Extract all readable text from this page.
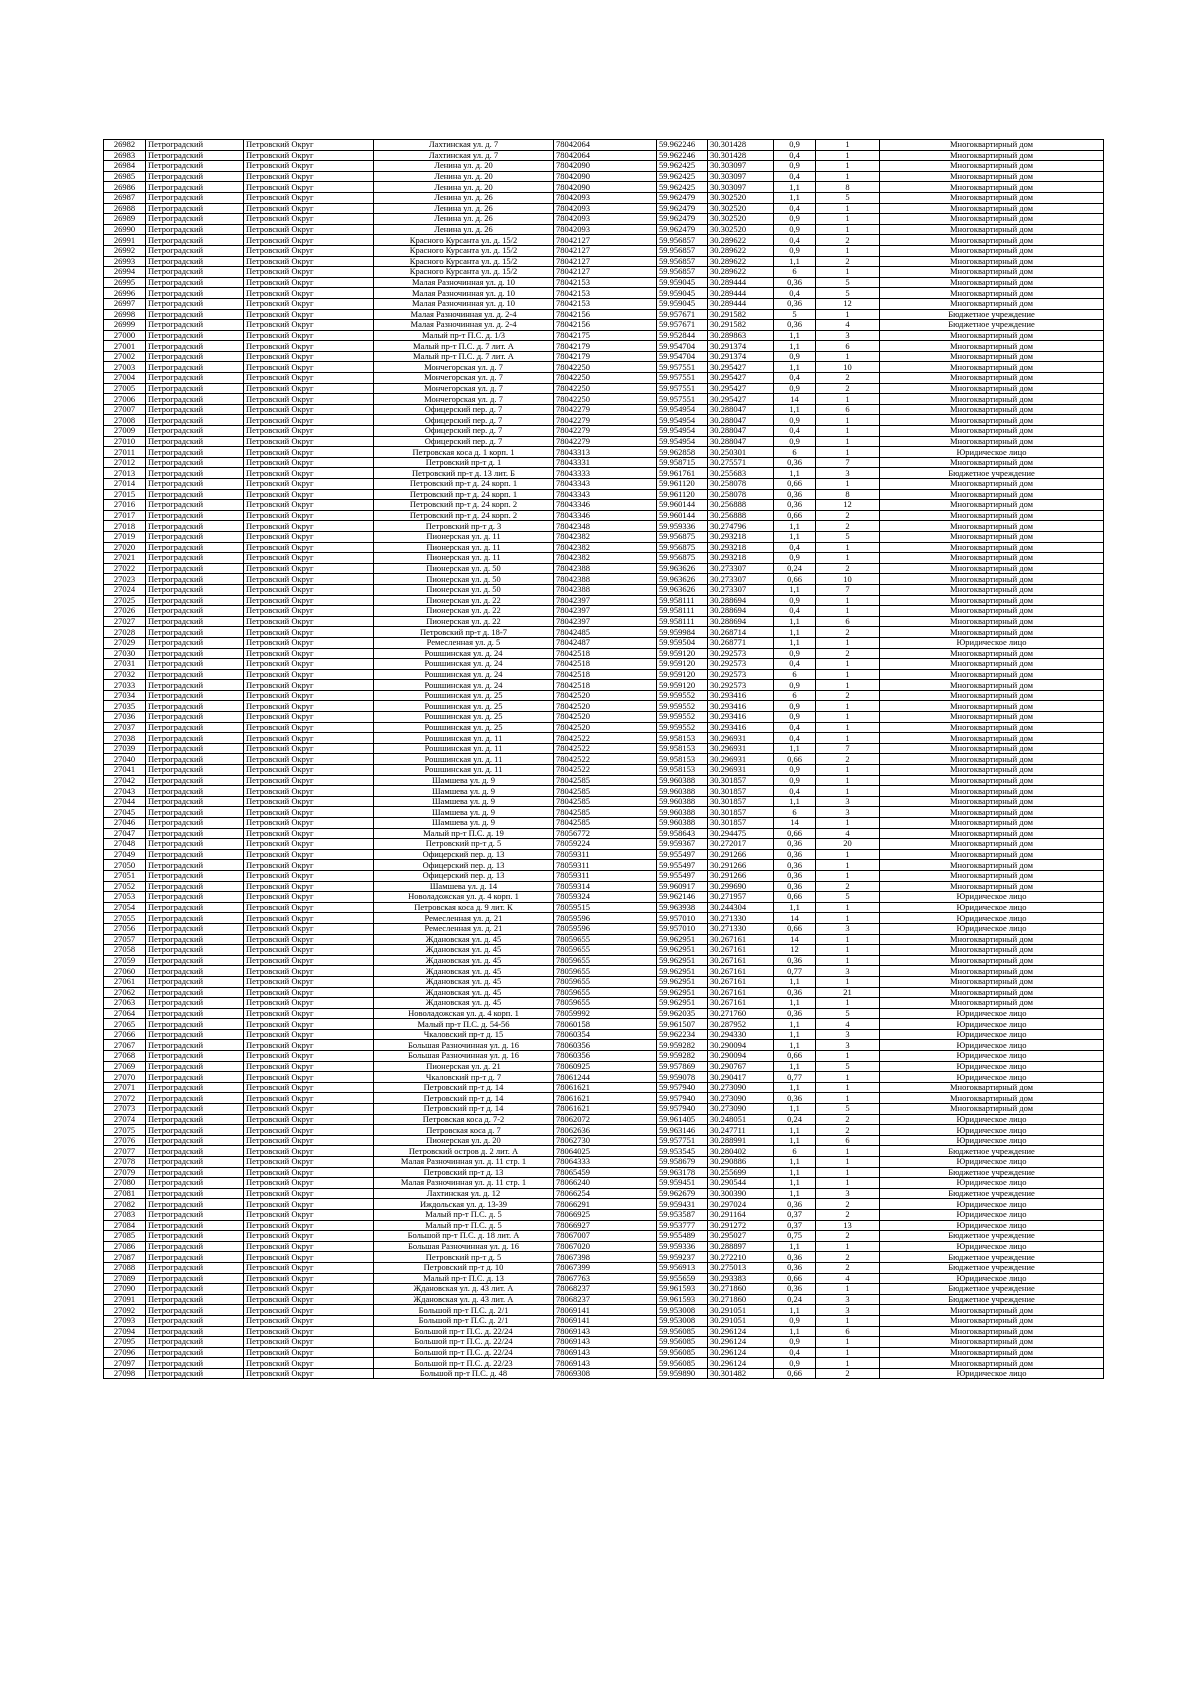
26982	Петроградский	Петровский Округ	Лахтинская ул. д. 7	78042064	59.962246	30.301428	0,9	1	Многоквартирный дом
26983	Петроградский	Петровский Округ	Лахтинская ул. д. 7	78042064	59.962246	30.301428	0,4	1	Многоквартирный дом
26984	Петроградский	Петровский Округ	Ленина ул. д. 20	78042090	59.962425	30.303097	0,9	1	Многоквартирный дом
26985	Петроградский	Петровский Округ	Ленина ул. д. 20	78042090	59.962425	30.303097	0,4	1	Многоквартирный дом
26986	Петроградский	Петровский Округ	Ленина ул. д. 20	78042090	59.962425	30.303097	1,1	8	Многоквартирный дом
26987	Петроградский	Петровский Округ	Ленина ул. д. 26	78042093	59.962479	30.302520	1,1	5	Многоквартирный дом
26988	Петроградский	Петровский Округ	Ленина ул. д. 26	78042093	59.962479	30.302520	0,4	1	Многоквартирный дом
26989	Петроградский	Петровский Округ	Ленина ул. д. 26	78042093	59.962479	30.302520	0,9	1	Многоквартирный дом
26990	Петроградский	Петровский Округ	Ленина ул. д. 26	78042093	59.962479	30.302520	0,9	1	Многоквартирный дом
26991	Петроградский	Петровский Округ	Красного Курсанта ул. д. 15/2	78042127	59.956857	30.289622	0,4	2	Многоквартирный дом
26992	Петроградский	Петровский Округ	Красного Курсанта ул. д. 15/2	78042127	59.956857	30.289622	0,9	1	Многоквартирный дом
26993	Петроградский	Петровский Округ	Красного Курсанта ул. д. 15/2	78042127	59.956857	30.289622	1,1	2	Многоквартирный дом
26994	Петроградский	Петровский Округ	Красного Курсанта ул. д. 15/2	78042127	59.956857	30.289622	6	1	Многоквартирный дом
26995	Петроградский	Петровский Округ	Малая Разночинная ул. д. 10	78042153	59.959045	30.289444	0,36	5	Многоквартирный дом
26996	Петроградский	Петровский Округ	Малая Разночинная ул. д. 10	78042153	59.959045	30.289444	0,4	5	Многоквартирный дом
26997	Петроградский	Петровский Округ	Малая Разночинная ул. д. 10	78042153	59.959045	30.289444	0,36	12	Многоквартирный дом
26998	Петроградский	Петровский Округ	Малая Разночинная ул. д. 2-4	78042156	59.957671	30.291582	5	1	Бюджетное учреждение
26999	Петроградский	Петровский Округ	Малая Разночинная ул. д. 2-4	78042156	59.957671	30.291582	0,36	4	Бюджетное учреждение
27000	Петроградский	Петровский Округ	Малый пр-т П.С. д. 1/3	78042175	59.952844	30.289863	1,1	3	Многоквартирный дом
27001	Петроградский	Петровский Округ	Малый пр-т П.С. д. 7 лит. А	78042179	59.954704	30.291374	1,1	6	Многоквартирный дом
27002	Петроградский	Петровский Округ	Малый пр-т П.С. д. 7 лит. А	78042179	59.954704	30.291374	0,9	1	Многоквартирный дом
27003	Петроградский	Петровский Округ	Мончегорская ул. д. 7	78042250	59.957551	30.295427	1,1	10	Многоквартирный дом
27004	Петроградский	Петровский Округ	Мончегорская ул. д. 7	78042250	59.957551	30.295427	0,4	2	Многоквартирный дом
27005	Петроградский	Петровский Округ	Мончегорская ул. д. 7	78042250	59.957551	30.295427	0,9	2	Многоквартирный дом
27006	Петроградский	Петровский Округ	Мончегорская ул. д. 7	78042250	59.957551	30.295427	14	1	Многоквартирный дом
27007	Петроградский	Петровский Округ	Офицерский пер. д. 7	78042279	59.954954	30.288047	1,1	6	Многоквартирный дом
27008	Петроградский	Петровский Округ	Офицерский пер. д. 7	78042279	59.954954	30.288047	0,9	1	Многоквартирный дом
27009	Петроградский	Петровский Округ	Офицерский пер. д. 7	78042279	59.954954	30.288047	0,4	1	Многоквартирный дом
27010	Петроградский	Петровский Округ	Офицерский пер. д. 7	78042279	59.954954	30.288047	0,9	1	Многоквартирный дом
27011	Петроградский	Петровский Округ	Петровская коса д. 1 корп. 1	78043313	59.962858	30.250301	6	1	Юридическое лицо
27012	Петроградский	Петровский Округ	Петровский пр-т д. 1	78043331	59.958715	30.275571	0,36	7	Многоквартирный дом
27013	Петроградский	Петровский Округ	Петровский пр-т д. 13 лит. Б	78043333	59.961761	30.255683	1,1	3	Бюджетное учреждение
27014	Петроградский	Петровский Округ	Петровский пр-т д. 24 корп. 1	78043343	59.961120	30.258078	0,66	1	Многоквартирный дом
27015	Петроградский	Петровский Округ	Петровский пр-т д. 24 корп. 1	78043343	59.961120	30.258078	0,36	8	Многоквартирный дом
27016	Петроградский	Петровский Округ	Петровский пр-т д. 24 корп. 2	78043346	59.960144	30.256888	0,36	12	Многоквартирный дом
27017	Петроградский	Петровский Округ	Петровский пр-т д. 24 корп. 2	78043346	59.960144	30.256888	0,66	2	Многоквартирный дом
27018	Петроградский	Петровский Округ	Петровский пр-т д. 3	78042348	59.959336	30.274796	1,1	2	Многоквартирный дом
27019	Петроградский	Петровский Округ	Пионерская ул. д. 11	78042382	59.956875	30.293218	1,1	5	Многоквартирный дом
27020	Петроградский	Петровский Округ	Пионерская ул. д. 11	78042382	59.956875	30.293218	0,4	1	Многоквартирный дом
27021	Петроградский	Петровский Округ	Пионерская ул. д. 11	78042382	59.956875	30.293218	0,9	1	Многоквартирный дом
27022	Петроградский	Петровский Округ	Пионерская ул. д. 50	78042388	59.963626	30.273307	0,24	2	Многоквартирный дом
27023	Петроградский	Петровский Округ	Пионерская ул. д. 50	78042388	59.963626	30.273307	0,66	10	Многоквартирный дом
27024	Петроградский	Петровский Округ	Пионерская ул. д. 50	78042388	59.963626	30.273307	1,1	7	Многоквартирный дом
27025	Петроградский	Петровский Округ	Пионерская ул. д. 22	78042397	59.958111	30.288694	0,9	1	Многоквартирный дом
27026	Петроградский	Петровский Округ	Пионерская ул. д. 22	78042397	59.958111	30.288694	0,4	1	Многоквартирный дом
27027	Петроградский	Петровский Округ	Пионерская ул. д. 22	78042397	59.958111	30.288694	1,1	6	Многоквартирный дом
27028	Петроградский	Петровский Округ	Петровский пр-т д. 18-7	78042485	59.959984	30.268714	1,1	2	Многоквартирный дом
27029	Петроградский	Петровский Округ	Ремесленная ул. д. 5	78042487	59.959504	30.268771	1,1	1	Юридическое лицо
27030	Петроградский	Петровский Округ	Рошшинская ул. д. 24	78042518	59.959120	30.292573	0,9	2	Многоквартирный дом
27031	Петроградский	Петровский Округ	Рошшинская ул. д. 24	78042518	59.959120	30.292573	0,4	1	Многоквартирный дом
27032	Петроградский	Петровский Округ	Рошшинская ул. д. 24	78042518	59.959120	30.292573	6	1	Многоквартирный дом
27033	Петроградский	Петровский Округ	Рошшинская ул. д. 24	78042518	59.959120	30.292573	0,9	1	Многоквартирный дом
27034	Петроградский	Петровский Округ	Рошшинская ул. д. 25	78042520	59.959552	30.293416	6	2	Многоквартирный дом
27035	Петроградский	Петровский Округ	Рошшинская ул. д. 25	78042520	59.959552	30.293416	0,9	1	Многоквартирный дом
27036	Петроградский	Петровский Округ	Рошшинская ул. д. 25	78042520	59.959552	30.293416	0,9	1	Многоквартирный дом
27037	Петроградский	Петровский Округ	Рошшинская ул. д. 25	78042520	59.959552	30.293416	0,4	1	Многоквартирный дом
27038	Петроградский	Петровский Округ	Рошшинская ул. д. 11	78042522	59.958153	30.296931	0,4	1	Многоквартирный дом
27039	Петроградский	Петровский Округ	Рошшинская ул. д. 11	78042522	59.958153	30.296931	1,1	7	Многоквартирный дом
27040	Петроградский	Петровский Округ	Рошшинская ул. д. 11	78042522	59.958153	30.296931	0,66	2	Многоквартирный дом
27041	Петроградский	Петровский Округ	Рошшинская ул. д. 11	78042522	59.958153	30.296931	0,9	1	Многоквартирный дом
27042	Петроградский	Петровский Округ	Шамшева ул. д. 9	78042585	59.960388	30.301857	0,9	1	Многоквартирный дом
27043	Петроградский	Петровский Округ	Шамшева ул. д. 9	78042585	59.960388	30.301857	0,4	1	Многоквартирный дом
27044	Петроградский	Петровский Округ	Шамшева ул. д. 9	78042585	59.960388	30.301857	1,1	3	Многоквартирный дом
27045	Петроградский	Петровский Округ	Шамшева ул. д. 9	78042585	59.960388	30.301857	6	3	Многоквартирный дом
27046	Петроградский	Петровский Округ	Шамшева ул. д. 9	78042585	59.960388	30.301857	14	1	Многоквартирный дом
27047	Петроградский	Петровский Округ	Малый пр-т П.С. д. 19	78056772	59.958643	30.294475	0,66	4	Многоквартирный дом
27048	Петроградский	Петровский Округ	Петровский пр-т д. 5	78059224	59.959367	30.272017	0,36	20	Многоквартирный дом
27049	Петроградский	Петровский Округ	Офицерский пер. д. 13	78059311	59.955497	30.291266	0,36	1	Многоквартирный дом
27050	Петроградский	Петровский Округ	Офицерский пер. д. 13	78059311	59.955497	30.291266	0,36	1	Многоквартирный дом
27051	Петроградский	Петровский Округ	Офицерский пер. д. 13	78059311	59.955497	30.291266	0,36	1	Многоквартирный дом
27052	Петроградский	Петровский Округ	Шамшева ул. д. 14	78059314	59.960917	30.299690	0,36	2	Многоквартирный дом
27053	Петроградский	Петровский Округ	Новоладожская ул. д. 4 корп. 1	78059324	59.962146	30.271957	0,66	5	Юридическое лицо
27054	Петроградский	Петровский Округ	Петровская коса д. 9 лит. К	78059515	59.963938	30.244304	1,1	1	Юридическое лицо
27055	Петроградский	Петровский Округ	Ремесленная ул. д. 21	78059596	59.957010	30.271330	14	1	Юридическое лицо
27056	Петроградский	Петровский Округ	Ремесленная ул. д. 21	78059596	59.957010	30.271330	0,66	3	Юридическое лицо
27057	Петроградский	Петровский Округ	Ждановская ул. д. 45	78059655	59.962951	30.267161	14	1	Многоквартирный дом
27058	Петроградский	Петровский Округ	Ждановская ул. д. 45	78059655	59.962951	30.267161	12	1	Многоквартирный дом
27059	Петроградский	Петровский Округ	Ждановская ул. д. 45	78059655	59.962951	30.267161	0,36	1	Многоквартирный дом
27060	Петроградский	Петровский Округ	Ждановская ул. д. 45	78059655	59.962951	30.267161	0,77	3	Многоквартирный дом
27061	Петроградский	Петровский Округ	Ждановская ул. д. 45	78059655	59.962951	30.267161	1,1	1	Многоквартирный дом
27062	Петроградский	Петровский Округ	Ждановская ул. д. 45	78059655	59.962951	30.267161	0,36	21	Многоквартирный дом
27063	Петроградский	Петровский Округ	Ждановская ул. д. 45	78059655	59.962951	30.267161	1,1	1	Многоквартирный дом
27064	Петроградский	Петровский Округ	Новоладожская ул. д. 4 корп. 1	78059992	59.962035	30.271760	0,36	5	Юридическое лицо
27065	Петроградский	Петровский Округ	Малый пр-т П.С. д. 54-56	78060158	59.961507	30.287952	1,1	4	Юридическое лицо
27066	Петроградский	Петровский Округ	Чкаловский пр-т д. 15	78060354	59.962234	30.294330	1,1	3	Юридическое лицо
27067	Петроградский	Петровский Округ	Большая Разночинная ул. д. 16	78060356	59.959282	30.290094	1,1	3	Юридическое лицо
27068	Петроградский	Петровский Округ	Большая Разночинная ул. д. 16	78060356	59.959282	30.290094	0,66	1	Юридическое лицо
27069	Петроградский	Петровский Округ	Пионерская ул. д. 21	78060925	59.957869	30.290767	1,1	5	Юридическое лицо
27070	Петроградский	Петровский Округ	Чкаловский пр-т д. 7	78061244	59.959078	30.290417	0,77	1	Юридическое лицо
27071	Петроградский	Петровский Округ	Петровский пр-т д. 14	78061621	59.957940	30.273090	1,1	1	Многоквартирный дом
27072	Петроградский	Петровский Округ	Петровский пр-т д. 14	78061621	59.957940	30.273090	0,36	1	Многоквартирный дом
27073	Петроградский	Петровский Округ	Петровский пр-т д. 14	78061621	59.957940	30.273090	1,1	5	Многоквартирный дом
27074	Петроградский	Петровский Округ	Петровская коса д. 7-2	78062072	59.961405	30.248051	0,24	2	Юридическое лицо
27075	Петроградский	Петровский Округ	Петровская коса д. 7	78062636	59.963146	30.247711	1,1	2	Юридическое лицо
27076	Петроградский	Петровский Округ	Пионерская ул. д. 20	78062730	59.957751	30.288991	1,1	6	Юридическое лицо
27077	Петроградский	Петровский Округ	Петровский остров д. 2 лит. А	78064025	59.953545	30.280402	6	1	Бюджетное учреждение
27078	Петроградский	Петровский Округ	Малая Разночинная ул. д. 11 стр. 1	78064333	59.958679	30.290886	1,1	1	Юридическое лицо
27079	Петроградский	Петровский Округ	Петровский пр-т д. 13	78065459	59.963178	30.255699	1,1	1	Бюджетное учреждение
27080	Петроградский	Петровский Округ	Малая Разночинная ул. д. 11 стр. 1	78066240	59.959451	30.290544	1,1	1	Юридическое лицо
27081	Петроградский	Петровский Округ	Лахтинская ул. д. 12	78066254	59.962679	30.300390	1,1	3	Бюджетное учреждение
27082	Петроградский	Петровский Округ	Иждольская ул. д. 13-39	78066291	59.959431	30.297024	0,36	2	Юридическое лицо
27083	Петроградский	Петровский Округ	Малый пр-т П.С. д. 5	78066925	59.953587	30.291164	0,37	2	Юридическое лицо
27084	Петроградский	Петровский Округ	Малый пр-т П.С. д. 5	78066927	59.953777	30.291272	0,37	13	Юридическое лицо
27085	Петроградский	Петровский Округ	Большой пр-т П.С. д. 18 лит. А	78067007	59.955489	30.295027	0,75	2	Бюджетное учреждение
27086	Петроградский	Петровский Округ	Большая Разночинная ул. д. 16	78067020	59.959336	30.288897	1,1	1	Юридическое лицо
27087	Петроградский	Петровский Округ	Петровский пр-т д. 5	78067398	59.959237	30.272210	0,36	2	Бюджетное учреждение
27088	Петроградский	Петровский Округ	Петровский пр-т д. 10	78067399	59.956913	30.275013	0,36	2	Бюджетное учреждение
27089	Петроградский	Петровский Округ	Малый пр-т П.С. д. 13	78067763	59.955659	30.293383	0,66	4	Юридическое лицо
27090	Петроградский	Петровский Округ	Ждановская ул. д. 43 лит. А	78068237	59.961593	30.271860	0,36	1	Бюджетное учреждение
27091	Петроградский	Петровский Округ	Ждановская ул. д. 43 лит. А	78068237	59.961593	30.271860	0,24	3	Бюджетное учреждение
27092	Петроградский	Петровский Округ	Большой пр-т П.С. д. 2/1	78069141	59.953008	30.291051	1,1	3	Многоквартирный дом
27093	Петроградский	Петровский Округ	Большой пр-т П.С. д. 2/1	78069141	59.953008	30.291051	0,9	1	Многоквартирный дом
27094	Петроградский	Петровский Округ	Большой пр-т П.С. д. 22/24	78069143	59.956085	30.296124	1,1	6	Многоквартирный дом
27095	Петроградский	Петровский Округ	Большой пр-т П.С. д. 22/24	78069143	59.956085	30.296124	0,9	1	Многоквартирный дом
27096	Петроградский	Петровский Округ	Большой пр-т П.С. д. 22/24	78069143	59.956085	30.296124	0,4	1	Многоквартирный дом
27097	Петроградский	Петровский Округ	Большой пр-т П.С. д. 22/23	78069143	59.956085	30.296124	0,9	1	Многоквартирный дом
27098	Петроградский	Петровский Округ	Большой пр-т П.С. д. 48	78069308	59.959890	30.301482	0,66	2	Юридическое лицо
